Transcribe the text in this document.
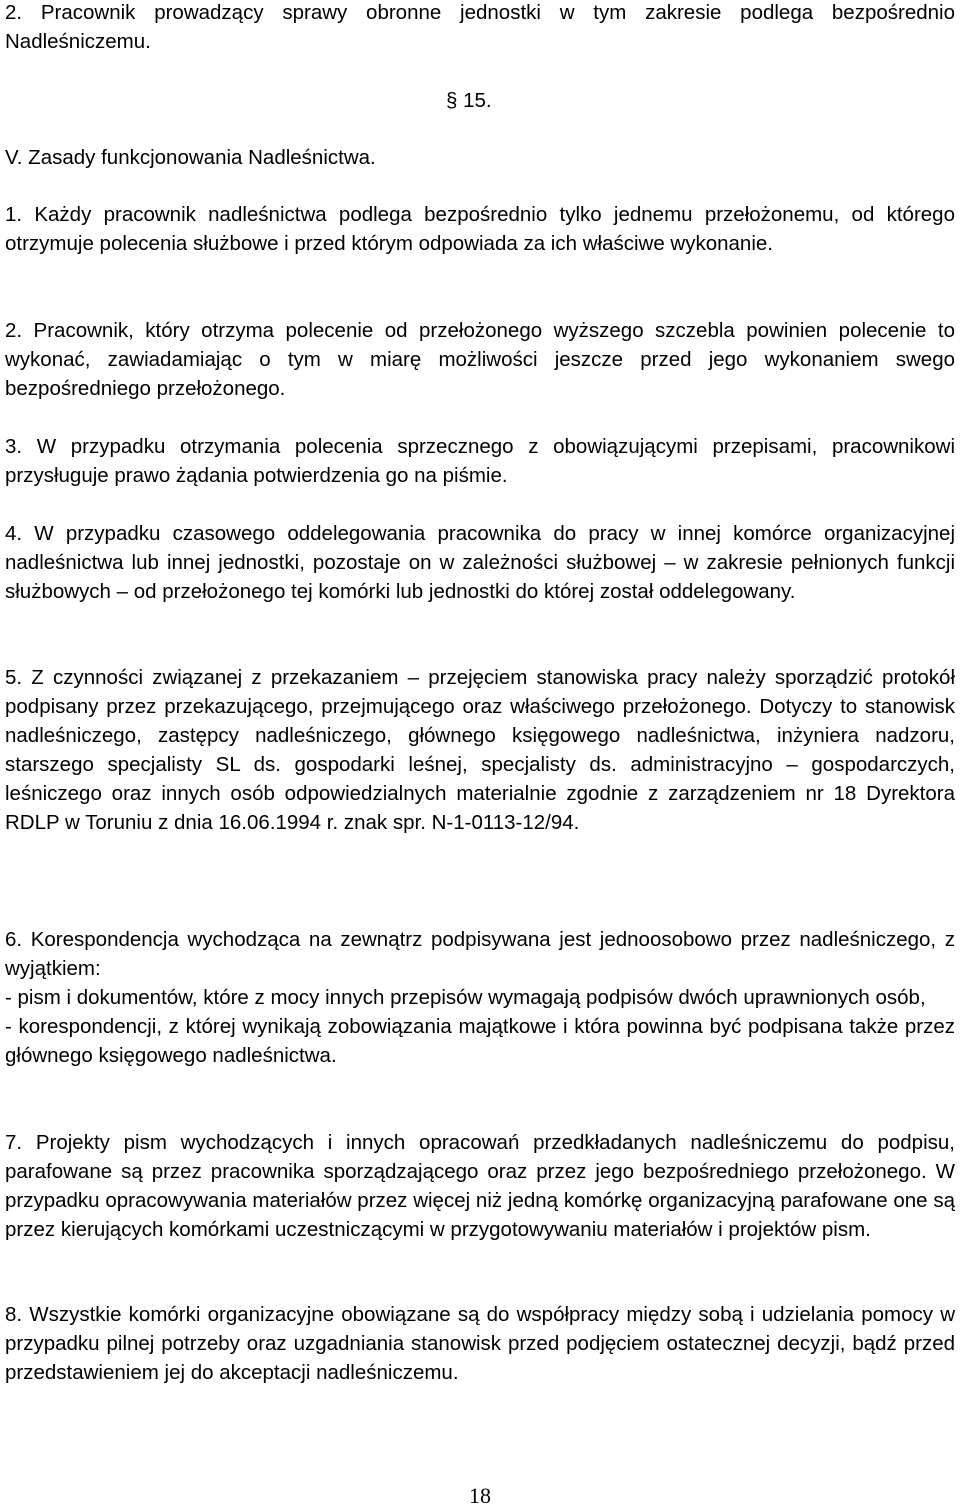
2. Pracownik prowadzący sprawy obronne jednostki w tym zakresie podlega bezpośrednio Nadleśniczemu.

§ 15.

V. Zasady funkcjonowania Nadleśnictwa.

1. Każdy pracownik nadleśnictwa podlega bezpośrednio tylko jednemu przełożonemu, od którego otrzymuje polecenia służbowe i przed którym odpowiada za ich właściwe wykonanie.

2. Pracownik, który otrzyma polecenie od przełożonego wyższego szczebla powinien polecenie to wykonać, zawiadamiając o tym w miarę możliwości jeszcze przed jego wykonaniem swego bezpośredniego przełożonego.

3. W przypadku otrzymania polecenia sprzecznego z obowiązującymi przepisami, pracownikowi przysługuje prawo żądania potwierdzenia go na piśmie.

4. W przypadku czasowego oddelegowania pracownika do pracy w innej komórce organizacyjnej nadleśnictwa lub innej jednostki, pozostaje on w zależności służbowej – w zakresie pełnionych funkcji służbowych – od przełożonego tej komórki lub jednostki do której został oddelegowany.

5. Z czynności związanej z przekazaniem – przejęciem stanowiska pracy należy sporządzić protokół podpisany przez przekazującego, przejmującego oraz właściwego przełożonego. Dotyczy to stanowisk nadleśniczego, zastępcy nadleśniczego, głównego księgowego nadleśnictwa, inżyniera nadzoru, starszego specjalisty SL ds. gospodarki leśnej, specjalisty ds. administracyjno – gospodarczych, leśniczego oraz innych osób odpowiedzialnych materialnie zgodnie z zarządzeniem nr 18 Dyrektora RDLP w Toruniu z dnia 16.06.1994 r. znak spr. N-1-0113-12/94.

6. Korespondencja wychodząca na zewnątrz podpisywana jest jednoosobowo przez nadleśniczego, z wyjątkiem:
- pism i dokumentów, które z mocy innych przepisów wymagają podpisów dwóch uprawnionych osób,
- korespondencji, z której wynikają zobowiązania majątkowe i która powinna być podpisana także przez głównego księgowego nadleśnictwa.

7. Projekty pism wychodzących i innych opracowań przedkładanych nadleśniczemu do podpisu, parafowane są przez pracownika sporządzającego oraz przez jego bezpośredniego przełożonego. W przypadku opracowywania materiałów przez więcej niż jedną komórkę organizacyjną parafowane one są przez kierujących komórkami uczestniczącymi w przygotowywaniu materiałów i projektów pism.

8. Wszystkie komórki organizacyjne obowiązane są do współpracy między sobą i udzielania pomocy w przypadku pilnej potrzeby oraz uzgadniania stanowisk przed podjęciem ostatecznej decyzji, bądź przed przedstawieniem jej do akceptacji nadleśniczemu.

18
